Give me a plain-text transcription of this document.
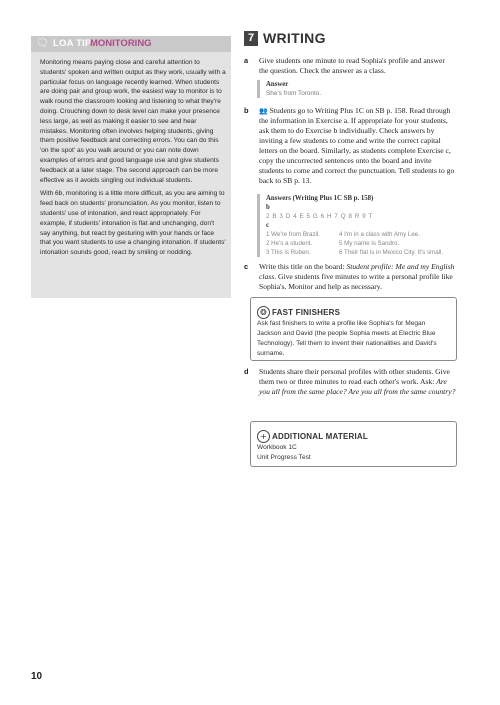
🗨 LOA TIP
MONITORING

Monitoring means paying close and careful attention to students' spoken and written output as they work, usually with a particular focus on language recently learned. When students are doing pair and group work, the easiest way to monitor is to walk round the classroom looking and listening to what they're doing. Crouching down to desk level can make your presence less large, as well as making it easier to see and hear mistakes. Monitoring often involves helping students, giving them positive feedback and correcting errors. You can do this 'on the spot' as you walk around or you can note down examples of errors and good language use and give students feedback at a later stage. The second approach can be more effective as it avoids singling out individual students.

With 6b, monitoring is a little more difficult, as you are aiming to feed back on students' pronunciation. As you monitor, listen to students' use of intonation, and react appropriately. For example, if students' intonation is flat and unchanging, don't say anything, but react by gesturing with your hands or face that you want students to use a changing intonation. If students' intonation sounds good, react by smiling or nodding.

7 WRITING
a Give students one minute to read Sophia's profile and answer the question. Check the answer as a class.
Answer
She's from Toronto.
b 👥 Students go to Writing Plus 1C on SB p. 158. Read through the information in Exercise a. If appropriate for your students, ask them to do Exercise b individually. Check answers by inviting a few students to come and write the correct capital letters on the board. Similarly, as students complete Exercise c, copy the uncorrected sentences onto the board and invite students to come and correct the punctuation. Tell students to go back to SB p. 13.
Answers (Writing Plus 1C SB p. 158)
b
2 B 3 D 4 E 5 G 6 H 7 Q 8 R 9 T
c
1 We're from Brazil.	4 I'm in a class with Amy Lee.
2 He's a student.	5 My name is Sandro.
3 This is Ruben.	6 Their flat is in Mexico City. It's small.
c Write this title on the board: Student profile: Me and my English class. Give students five minutes to write a personal profile like Sophia's. Monitor and help as necessary.
❂ FAST FINISHERS
Ask fast finishers to write a profile like Sophia's for Megan Jackson and David (the people Sophia meets at Electric Blue Technology). Tell them to invent their nationalities and David's surname.
d Students share their personal profiles with other students. Give them two or three minutes to read each other's work. Ask: Are you all from the same place? Are you all from the same country?
+ ADDITIONAL MATERIAL
Workbook 1C
Unit Progress Test
10
